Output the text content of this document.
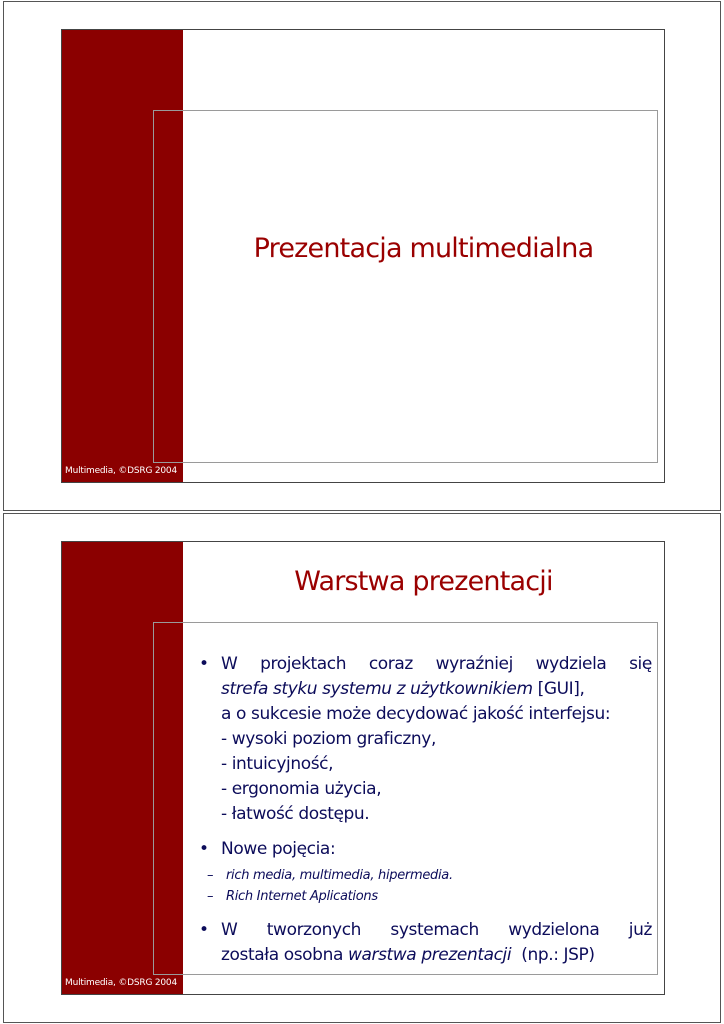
Prezentacja multimedialna
Multimedia, ©DSRG 2004
Warstwa prezentacji
• W projektach coraz wyraźniej wydziela się
strefa styku systemu z użytkownikiem [GUI],
a o sukcesie może decydować jakość interfejsu:
- wysoki poziom graficzny,
- intuicyjność,
- ergonomia użycia,
- łatwość dostępu.
• Nowe pojęcia:
– rich media, multimedia, hipermedia.
– Rich Internet Aplications
• W tworzonych systemach wydzielona już
została osobna warstwa prezentacji  (np.: JSP)
Multimedia, ©DSRG 2004
